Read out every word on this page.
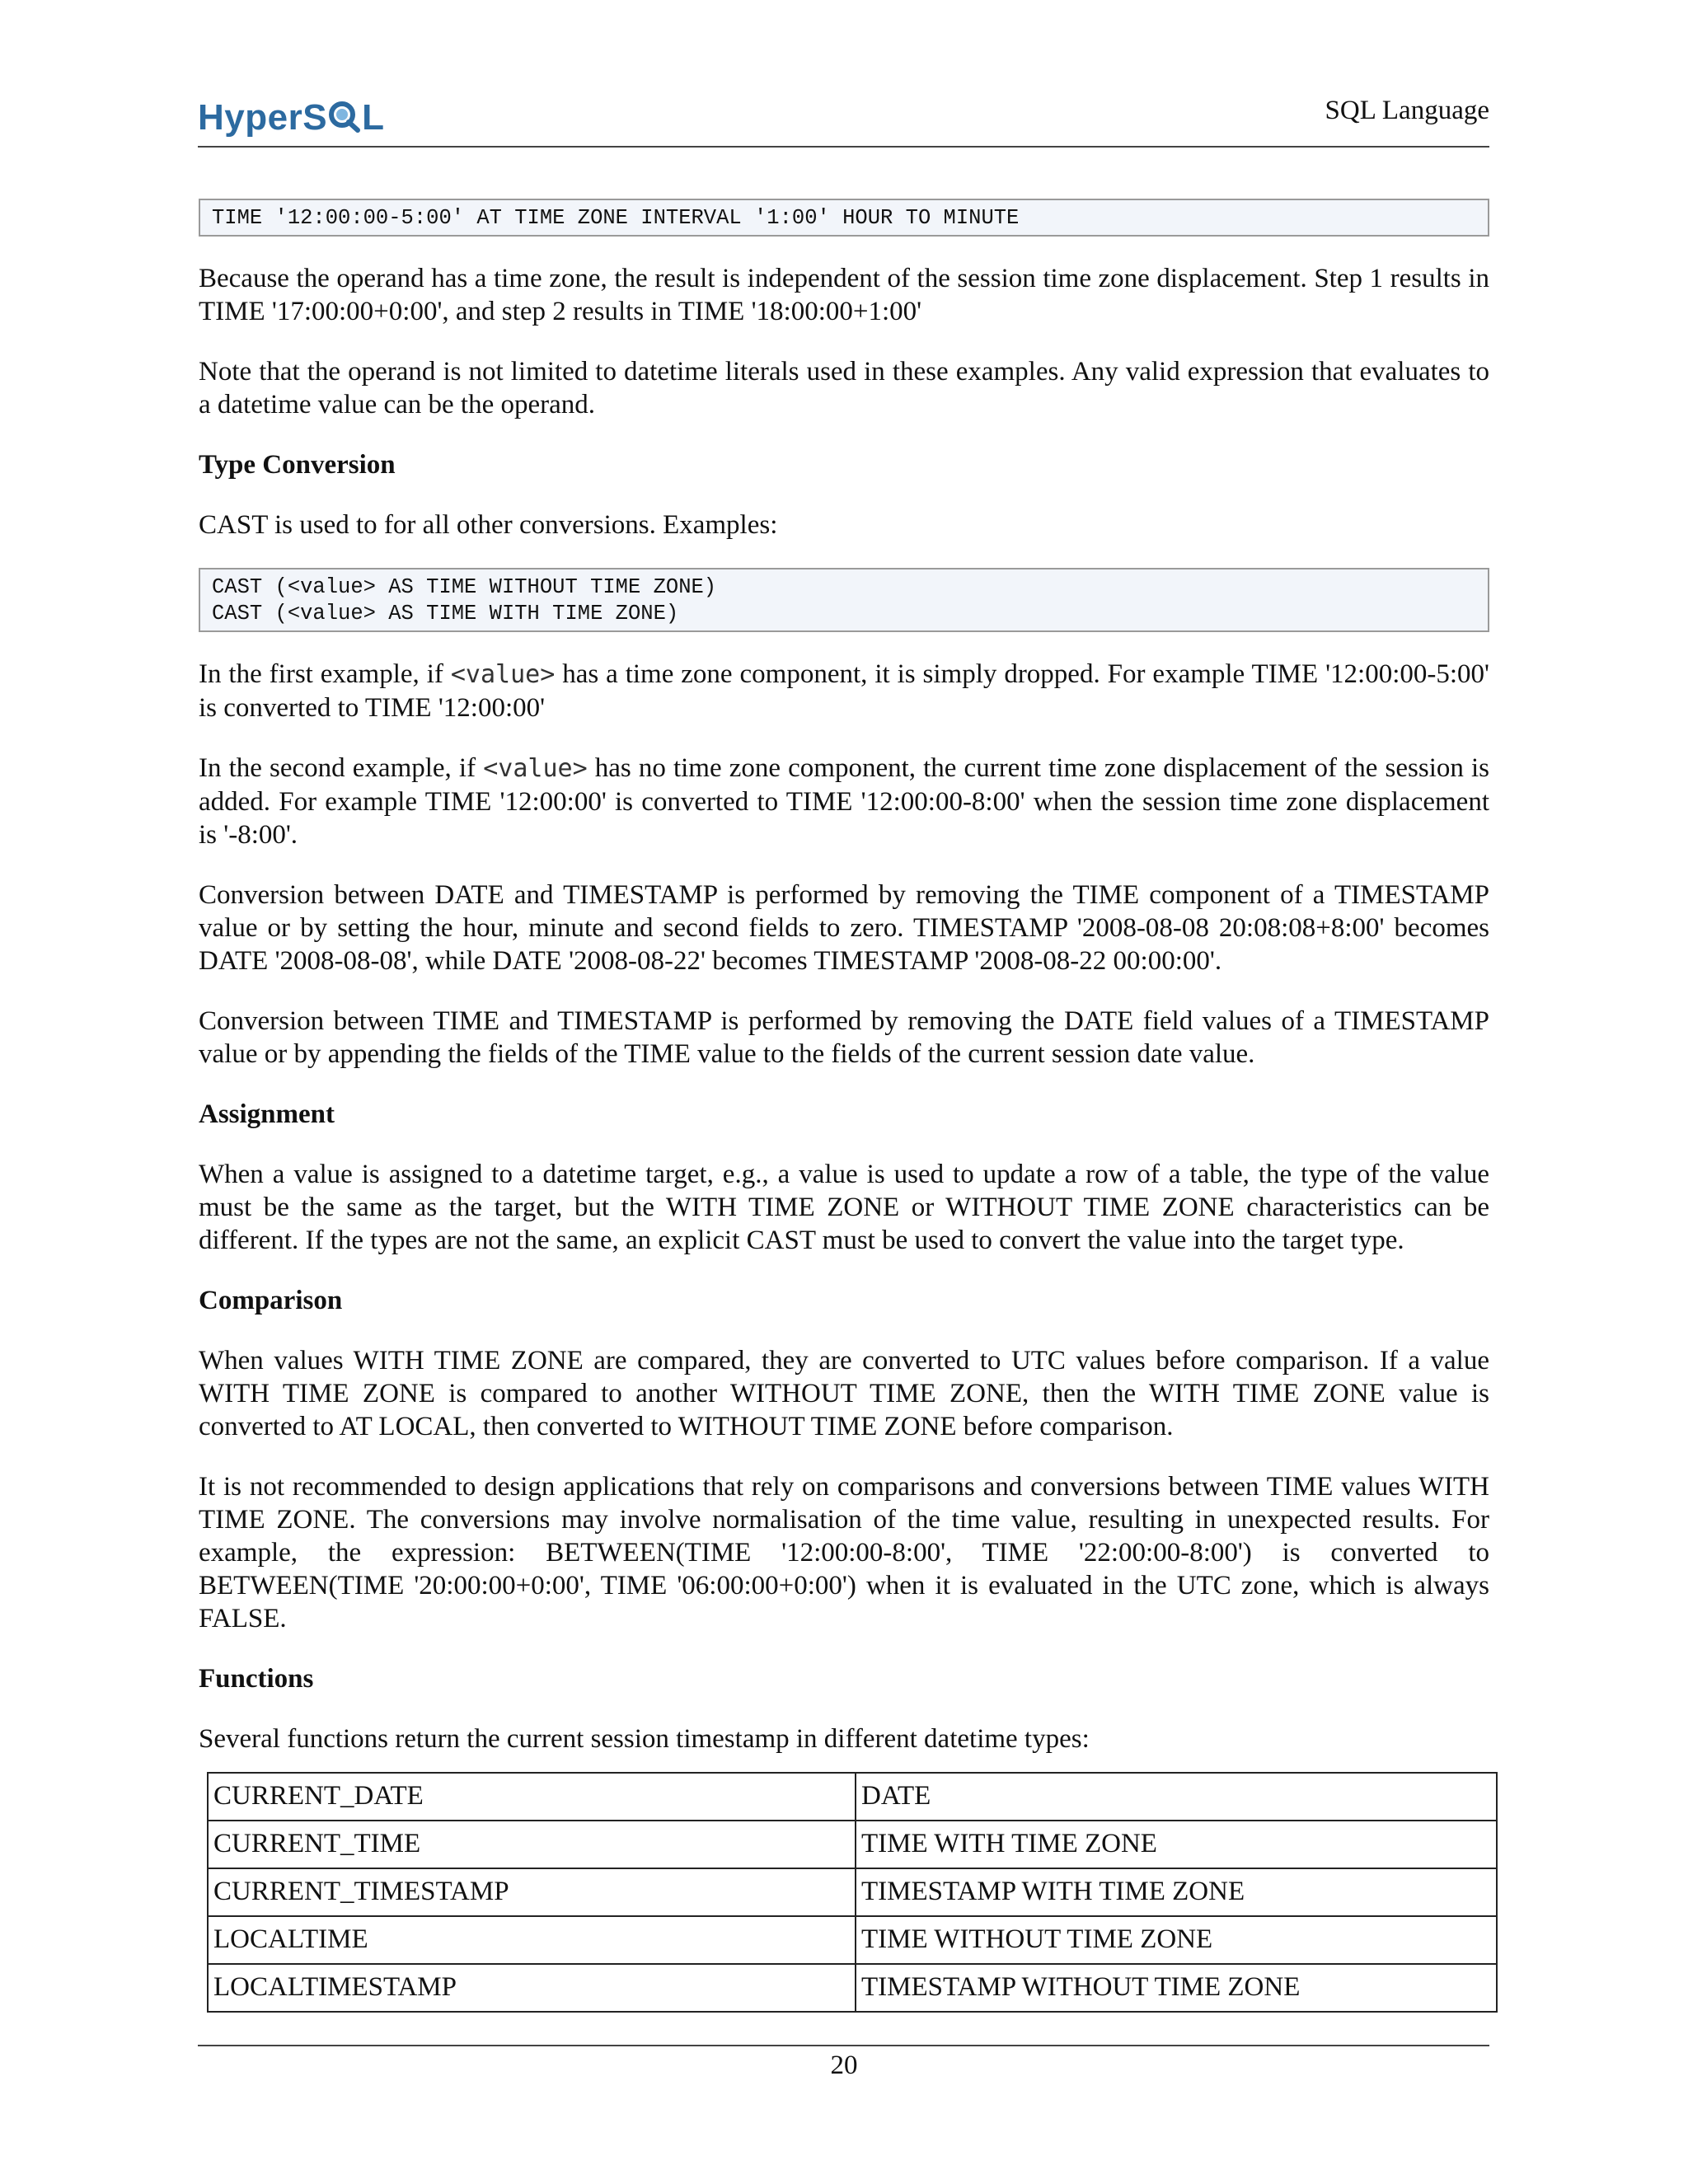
HyperS L	SQL Language
TIME '12:00:00-5:00' AT TIME ZONE INTERVAL '1:00' HOUR TO MINUTE

Because the operand has a time zone, the result is independent of the session time zone displacement. Step 1 results in TIME '17:00:00+0:00', and step 2 results in TIME '18:00:00+1:00'

Note that the operand is not limited to datetime literals used in these examples. Any valid expression that evaluates to a datetime value can be the operand.

Type Conversion

CAST is used to for all other conversions. Examples:

CAST (<value> AS TIME WITHOUT TIME ZONE)
CAST (<value> AS TIME WITH TIME ZONE)

In the first example, if <value> has a time zone component, it is simply dropped. For example TIME '12:00:00-5:00' is converted to TIME '12:00:00'

In the second example, if <value> has no time zone component, the current time zone displacement of the session is added. For example TIME '12:00:00' is converted to TIME '12:00:00-8:00' when the session time zone displacement is '-8:00'.

Conversion between DATE and TIMESTAMP is performed by removing the TIME component of a TIMESTAMP value or by setting the hour, minute and second fields to zero. TIMESTAMP '2008-08-08 20:08:08+8:00' becomes DATE '2008-08-08', while DATE '2008-08-22' becomes TIMESTAMP '2008-08-22 00:00:00'.

Conversion between TIME and TIMESTAMP is performed by removing the DATE field values of a TIMESTAMP value or by appending the fields of the TIME value to the fields of the current session date value.

Assignment

When a value is assigned to a datetime target, e.g., a value is used to update a row of a table, the type of the value must be the same as the target, but the WITH TIME ZONE or WITHOUT TIME ZONE characteristics can be different. If the types are not the same, an explicit CAST must be used to convert the value into the target type.

Comparison

When values WITH TIME ZONE are compared, they are converted to UTC values before comparison. If a value WITH TIME ZONE is compared to another WITHOUT TIME ZONE, then the WITH TIME ZONE value is converted to AT LOCAL, then converted to WITHOUT TIME ZONE before comparison.

It is not recommended to design applications that rely on comparisons and conversions between TIME values WITH TIME ZONE. The conversions may involve normalisation of the time value, resulting in unexpected results. For example, the expression: BETWEEN(TIME '12:00:00-8:00', TIME '22:00:00-8:00') is converted to BETWEEN(TIME '20:00:00+0:00', TIME '06:00:00+0:00') when it is evaluated in the UTC zone, which is always FALSE.

Functions

Several functions return the current session timestamp in different datetime types:

CURRENT_DATE	DATE
CURRENT_TIME	TIME WITH TIME ZONE
CURRENT_TIMESTAMP	TIMESTAMP WITH TIME ZONE
LOCALTIME	TIME WITHOUT TIME ZONE
LOCALTIMESTAMP	TIMESTAMP WITHOUT TIME ZONE
20
